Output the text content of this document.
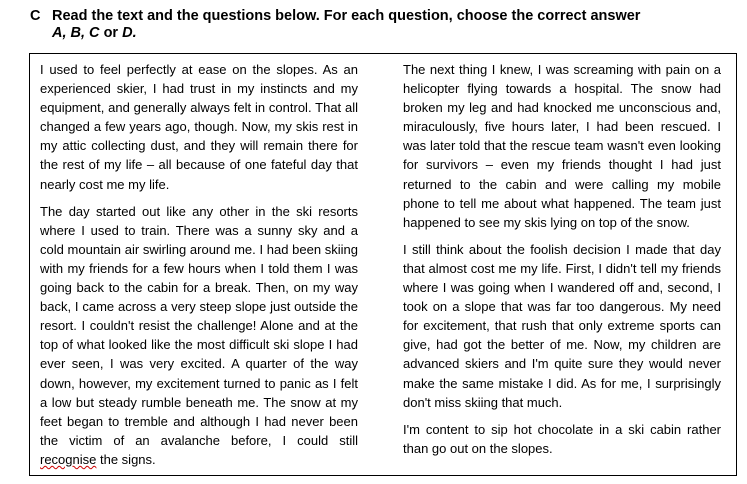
C Read the text and the questions below. For each question, choose the correct answer
A, B, C or D.

I used to feel perfectly at ease on the slopes. As an experienced skier, I had trust in my instincts and my equipment, and generally always felt in control. That all changed a few years ago, though. Now, my skis rest in my attic collecting dust, and they will remain there for the rest of my life – all because of one fateful day that nearly cost me my life.

The day started out like any other in the ski resorts where I used to train. There was a sunny sky and a cold mountain air swirling around me. I had been skiing with my friends for a few hours when I told them I was going back to the cabin for a break. Then, on my way back, I came across a very steep slope just outside the resort. I couldn't resist the challenge! Alone and at the top of what looked like the most difficult ski slope I had ever seen, I was very excited. A quarter of the way down, however, my excitement turned to panic as I felt a low but steady rumble beneath me. The snow at my feet began to tremble and although I had never been the victim of an avalanche before, I could still recognise the signs.

The next thing I knew, I was screaming with pain on a helicopter flying towards a hospital. The snow had broken my leg and had knocked me unconscious and, miraculously, five hours later, I had been rescued. I was later told that the rescue team wasn't even looking for survivors – even my friends thought I had just returned to the cabin and were calling my mobile phone to tell me about what happened. The team just happened to see my skis lying on top of the snow.

I still think about the foolish decision I made that day that almost cost me my life. First, I didn't tell my friends where I was going when I wandered off and, second, I took on a slope that was far too dangerous. My need for excitement, that rush that only extreme sports can give, had got the better of me. Now, my children are advanced skiers and I'm quite sure they would never make the same mistake I did. As for me, I surprisingly don't miss skiing that much.

I'm content to sip hot chocolate in a ski cabin rather than go out on the slopes.
